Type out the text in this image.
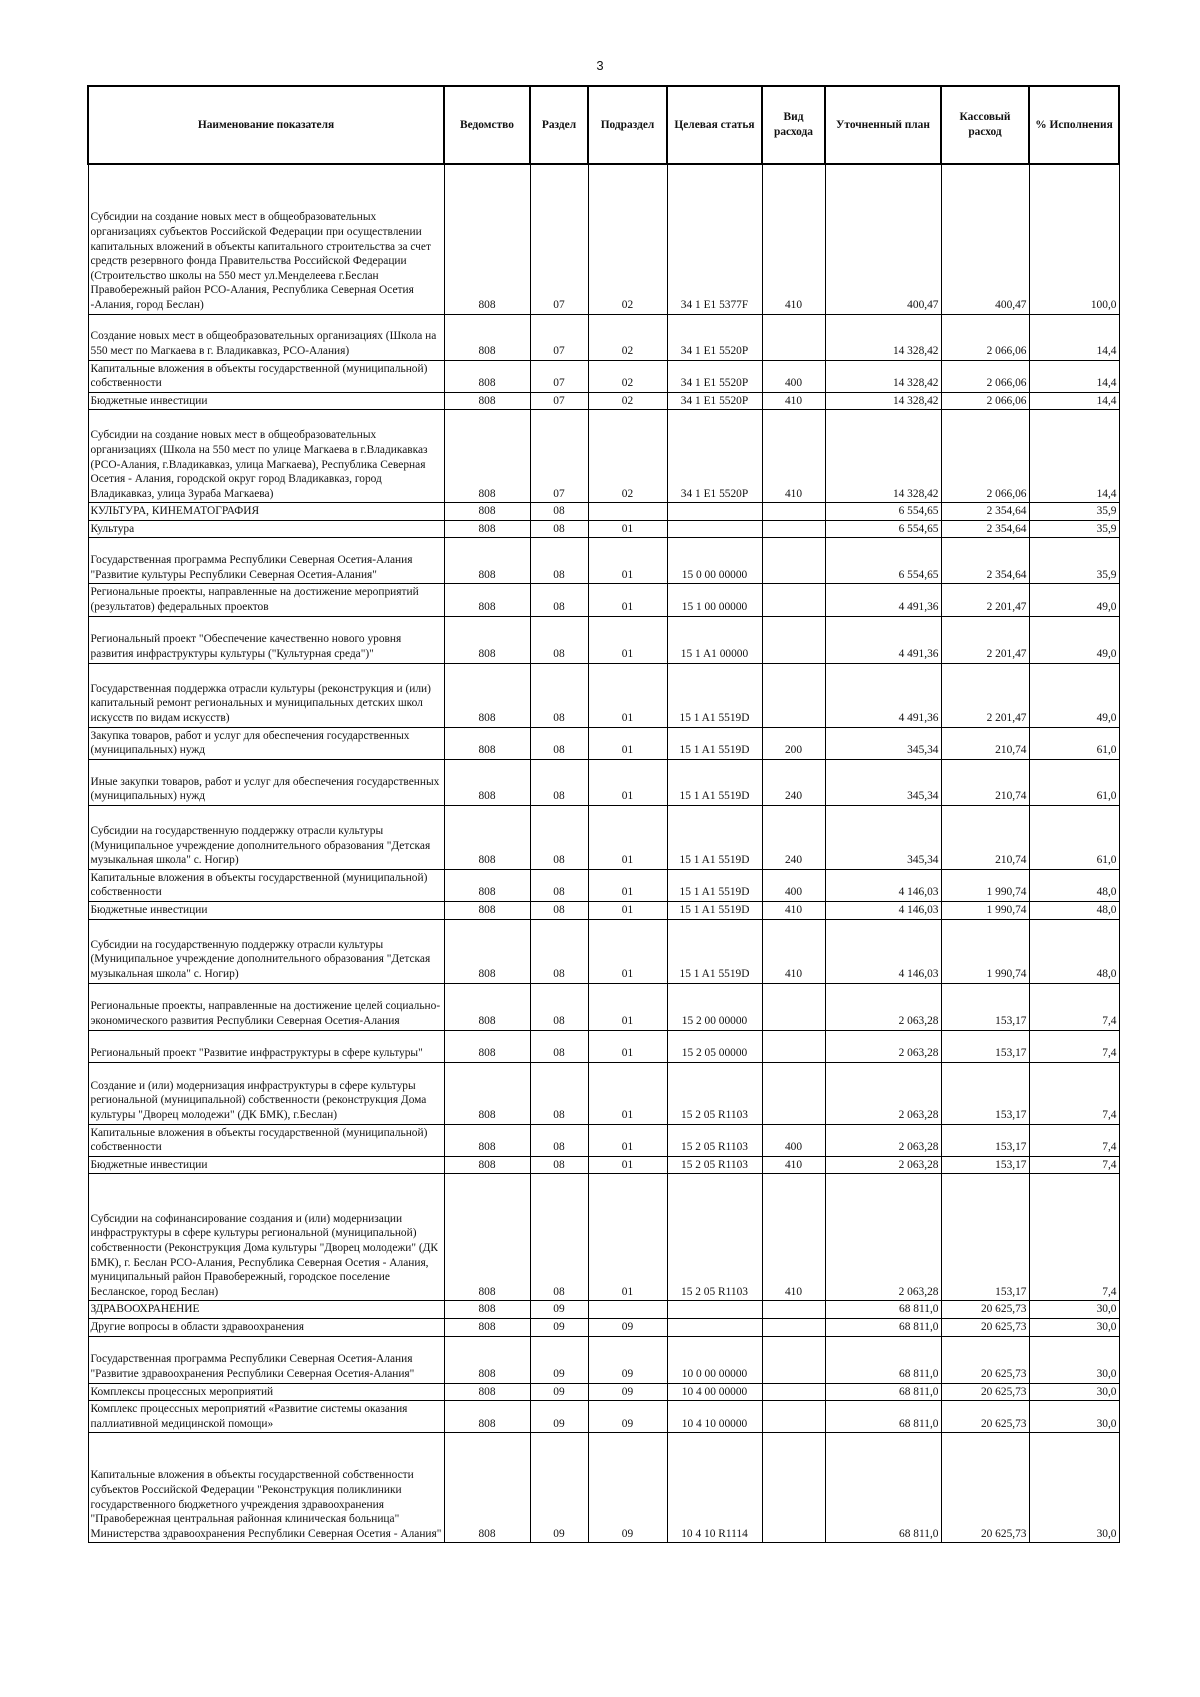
3
Наименование показателя	Ведомство	Раздел	Подраздел	Целевая статья	Вид расхода	Уточненный план	Кассовый расход	% Исполнения
Субсидии на создание новых мест в общеобразовательных организациях субъектов Российской Федерации при осуществлении капитальных вложений в объекты капитального строительства за счет средств резервного фонда Правительства Российской Федерации (Строительство школы на 550 мест ул.Менделеева г.Беслан Правобережный район РСО-Алания, Республика Северная Осетия -Алания, город Беслан)	808	07	02	34 1 E1 5377F	410	400,47	400,47	100,0
Создание новых мест в общеобразовательных организациях (Школа на 550 мест по Магкаева в г. Владикавказ, РСО-Алания)	808	07	02	34 1 E1 5520P		14 328,42	2 066,06	14,4
Капитальные вложения в объекты государственной (муниципальной) собственности	808	07	02	34 1 E1 5520P	400	14 328,42	2 066,06	14,4
Бюджетные инвестиции	808	07	02	34 1 E1 5520P	410	14 328,42	2 066,06	14,4
Субсидии на создание новых мест в общеобразовательных организациях (Школа на 550 мест по улице Магкаева в г.Владикавказ (РСО-Алания, г.Владикавказ, улица Магкаева), Республика Северная Осетия - Алания, городской округ город Владикавказ, город Владикавказ, улица Зураба Магкаева)	808	07	02	34 1 E1 5520P	410	14 328,42	2 066,06	14,4
КУЛЬТУРА, КИНЕМАТОГРАФИЯ	808	08				6 554,65	2 354,64	35,9
Культура	808	08	01			6 554,65	2 354,64	35,9
Государственная программа Республики Северная Осетия-Алания "Развитие культуры Республики Северная Осетия-Алания"	808	08	01	15 0 00 00000		6 554,65	2 354,64	35,9
Региональные проекты, направленные на достижение мероприятий (результатов) федеральных проектов	808	08	01	15 1 00 00000		4 491,36	2 201,47	49,0
Региональный проект "Обеспечение качественно нового уровня развития инфраструктуры культуры ("Культурная среда")"	808	08	01	15 1 A1 00000		4 491,36	2 201,47	49,0
Государственная поддержка отрасли культуры (реконструкция и (или) капитальный ремонт региональных и муниципальных детских школ искусств по видам искусств)	808	08	01	15 1 A1 5519D		4 491,36	2 201,47	49,0
Закупка товаров, работ и услуг для обеспечения государственных (муниципальных) нужд	808	08	01	15 1 A1 5519D	200	345,34	210,74	61,0
Иные закупки товаров, работ и услуг для обеспечения государственных (муниципальных) нужд	808	08	01	15 1 A1 5519D	240	345,34	210,74	61,0
Субсидии на государственную поддержку отрасли культуры (Муниципальное учреждение дополнительного образования "Детская музыкальная школа" с. Ногир)	808	08	01	15 1 A1 5519D	240	345,34	210,74	61,0
Капитальные вложения в объекты государственной (муниципальной) собственности	808	08	01	15 1 A1 5519D	400	4 146,03	1 990,74	48,0
Бюджетные инвестиции	808	08	01	15 1 A1 5519D	410	4 146,03	1 990,74	48,0
Субсидии на государственную поддержку отрасли культуры (Муниципальное учреждение дополнительного образования "Детская музыкальная школа" с. Ногир)	808	08	01	15 1 A1 5519D	410	4 146,03	1 990,74	48,0
Региональные проекты, направленные на достижение целей социально-экономического развития Республики Северная Осетия-Алания	808	08	01	15 2 00 00000		2 063,28	153,17	7,4
Региональный проект "Развитие инфраструктуры в сфере культуры"	808	08	01	15 2 05 00000		2 063,28	153,17	7,4
Создание и (или) модернизация инфраструктуры в сфере культуры региональной (муниципальной) собственности (реконструкция Дома культуры "Дворец молодежи" (ДК БМК), г.Беслан)	808	08	01	15 2 05 R1103		2 063,28	153,17	7,4
Капитальные вложения в объекты государственной (муниципальной) собственности	808	08	01	15 2 05 R1103	400	2 063,28	153,17	7,4
Бюджетные инвестиции	808	08	01	15 2 05 R1103	410	2 063,28	153,17	7,4
Субсидии на софинансирование создания и (или) модернизации инфраструктуры в сфере культуры региональной (муниципальной) собственности (Реконструкция Дома культуры "Дворец молодежи" (ДК БМК), г. Беслан РСО-Алания, Республика Северная Осетия - Алания, муниципальный район Правобережный, городское поселение Бесланское, город Беслан)	808	08	01	15 2 05 R1103	410	2 063,28	153,17	7,4
ЗДРАВООХРАНЕНИЕ	808	09				68 811,0	20 625,73	30,0
Другие вопросы в области здравоохранения	808	09	09			68 811,0	20 625,73	30,0
Государственная программа Республики Северная Осетия-Алания "Развитие здравоохранения Республики Северная Осетия-Алания"	808	09	09	10 0 00 00000		68 811,0	20 625,73	30,0
Комплексы процессных мероприятий	808	09	09	10 4 00 00000		68 811,0	20 625,73	30,0
Комплекс процессных мероприятий «Развитие системы оказания паллиативной медицинской помощи»	808	09	09	10 4 10 00000		68 811,0	20 625,73	30,0
Капитальные вложения в объекты государственной собственности субъектов Российской Федерации "Реконструкция поликлиники государственного бюджетного учреждения здравоохранения "Правобережная центральная районная клиническая больница" Министерства здравоохранения Республики Северная Осетия - Алания"	808	09	09	10 4 10 R1114		68 811,0	20 625,73	30,0
